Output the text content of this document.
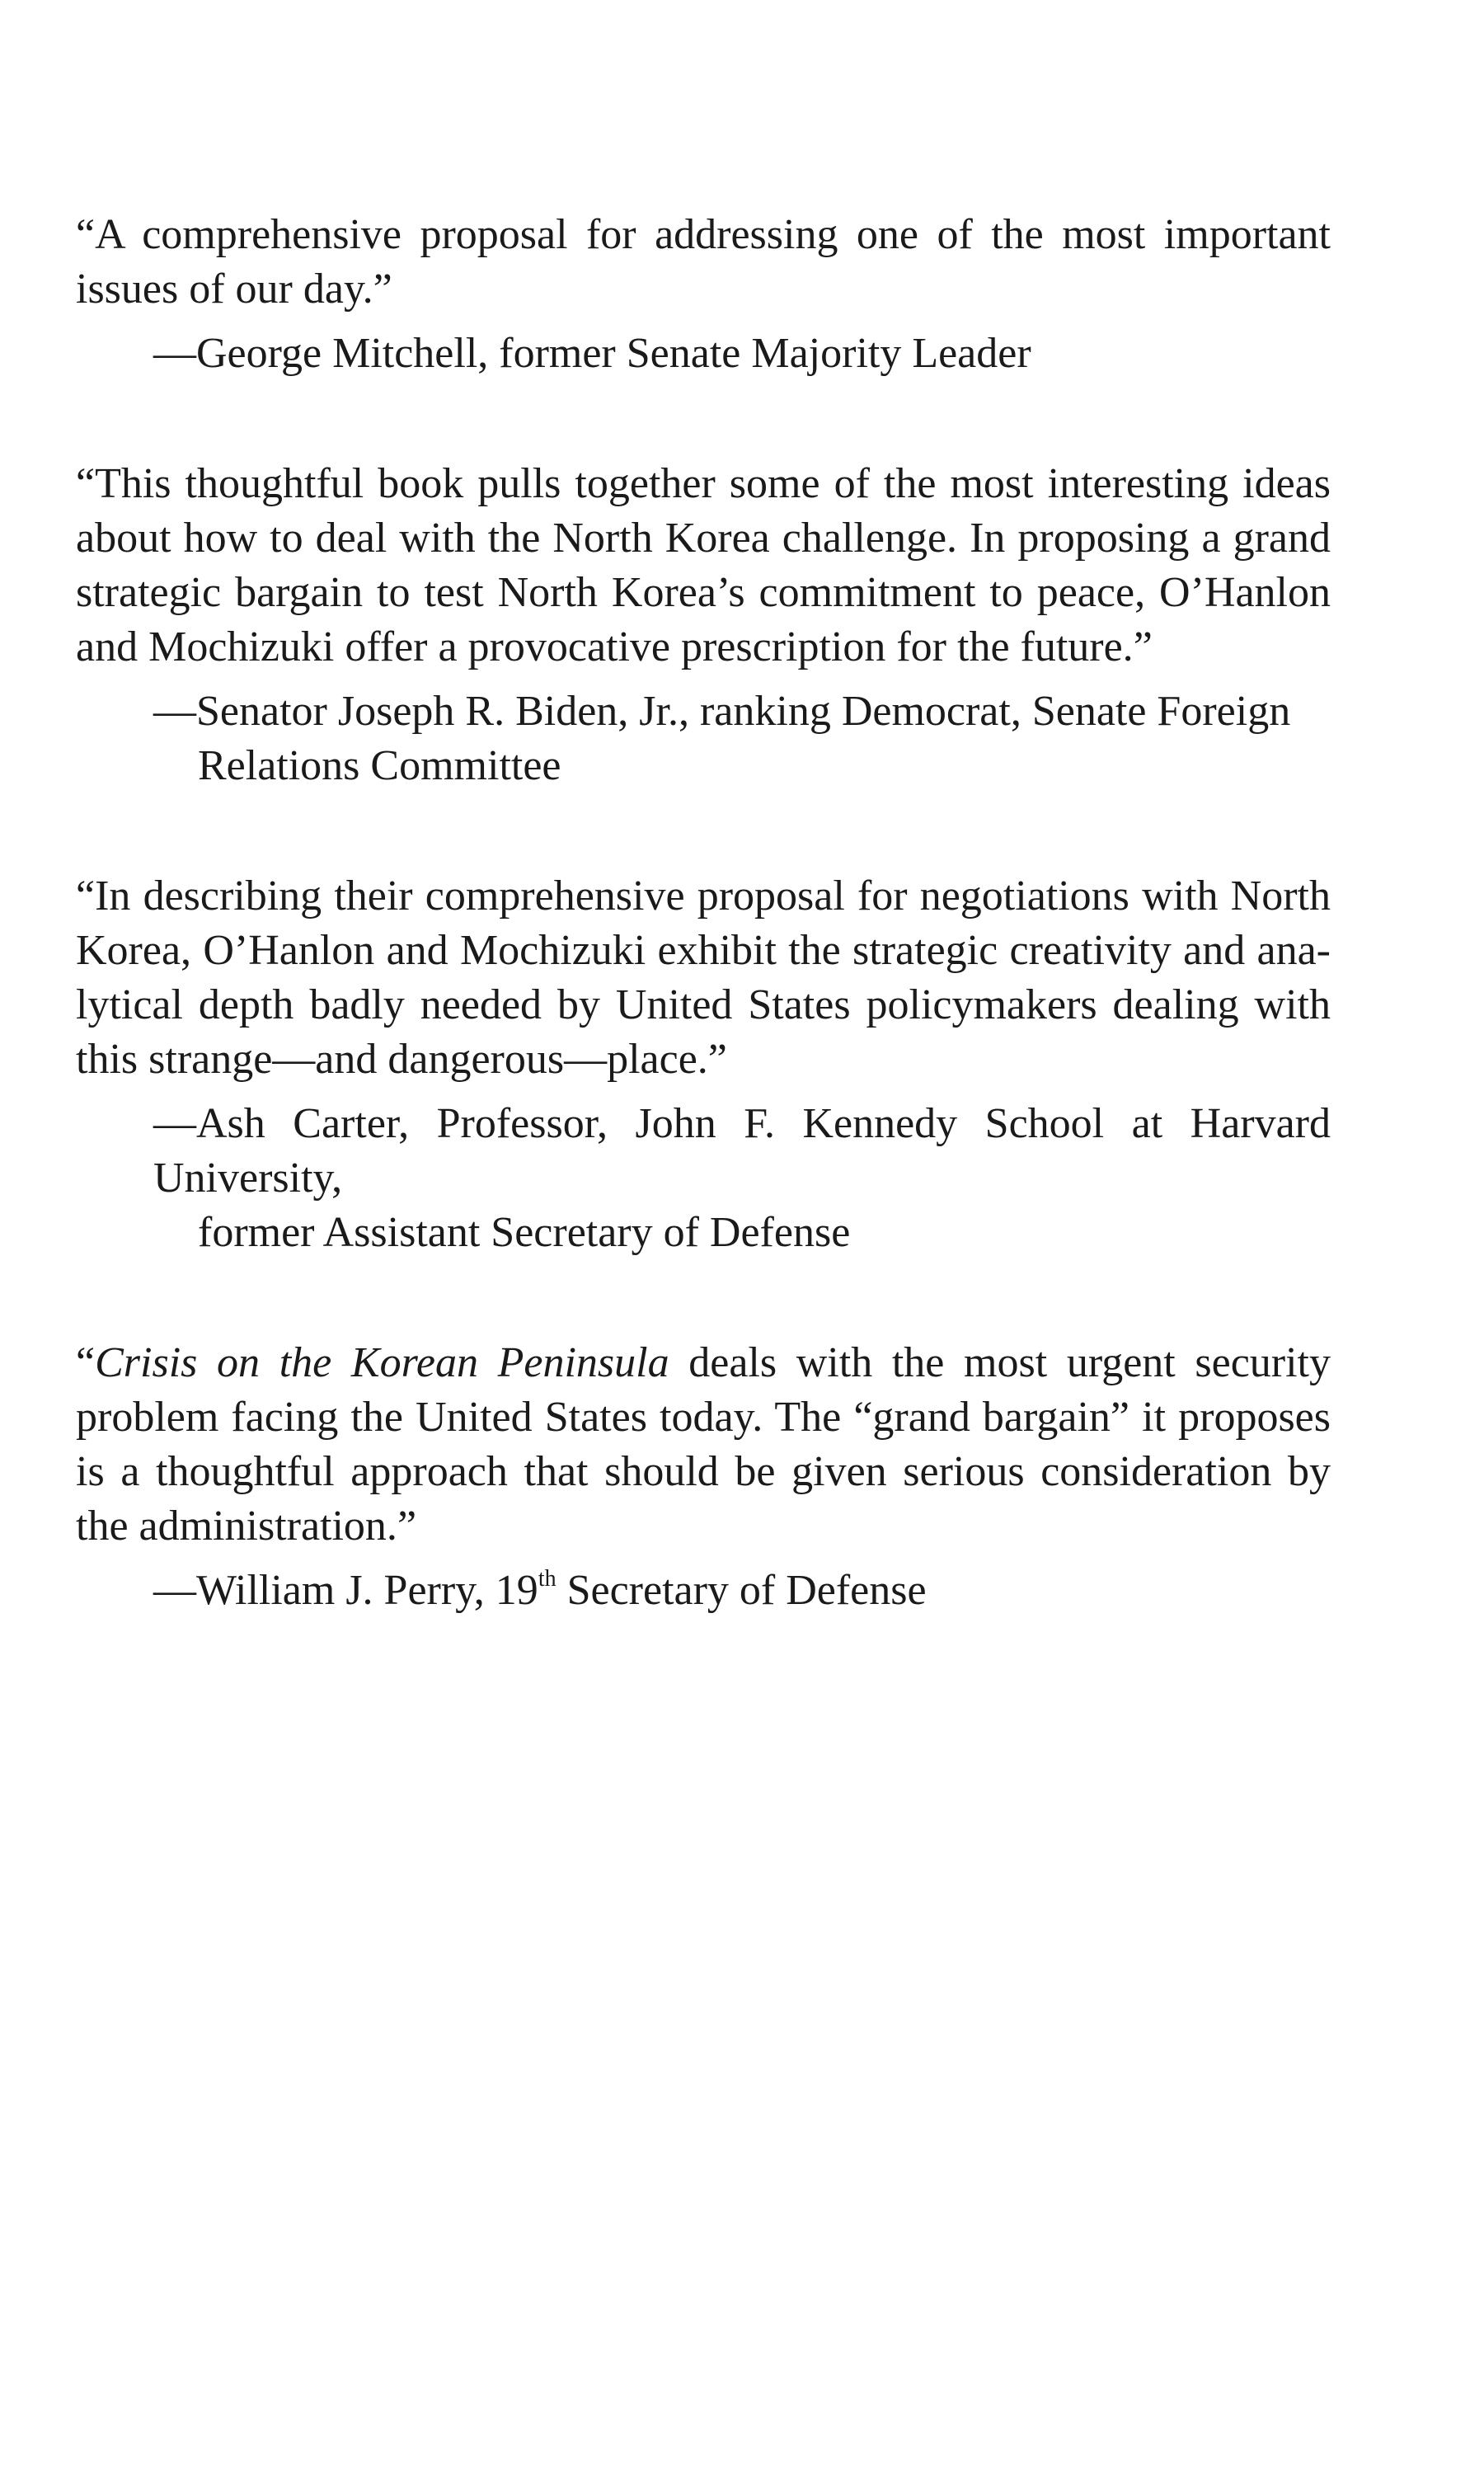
“A comprehensive proposal for addressing one of the most important issues of our day.”

—George Mitchell, former Senate Majority Leader

“This thoughtful book pulls together some of the most interesting ideas about how to deal with the North Korea challenge. In proposing a grand strategic bargain to test North Korea’s commitment to peace, O’Hanlon and Mochizuki offer a provocative prescription for the future.”

—Senator Joseph R. Biden, Jr., ranking Democrat, Senate Foreign
Relations Committee

“In describing their comprehensive proposal for negotiations with North Korea, O’Hanlon and Mochizuki exhibit the strategic creativity and analytical depth badly needed by United States policymakers dealing with this strange—and dangerous—place.”

—Ash Carter, Professor, John F. Kennedy School at Harvard University,
former Assistant Secretary of Defense

“Crisis on the Korean Peninsula deals with the most urgent security problem facing the United States today. The “grand bargain” it proposes is a thoughtful approach that should be given serious consideration by the administration.”

—William J. Perry, 19th Secretary of Defense
